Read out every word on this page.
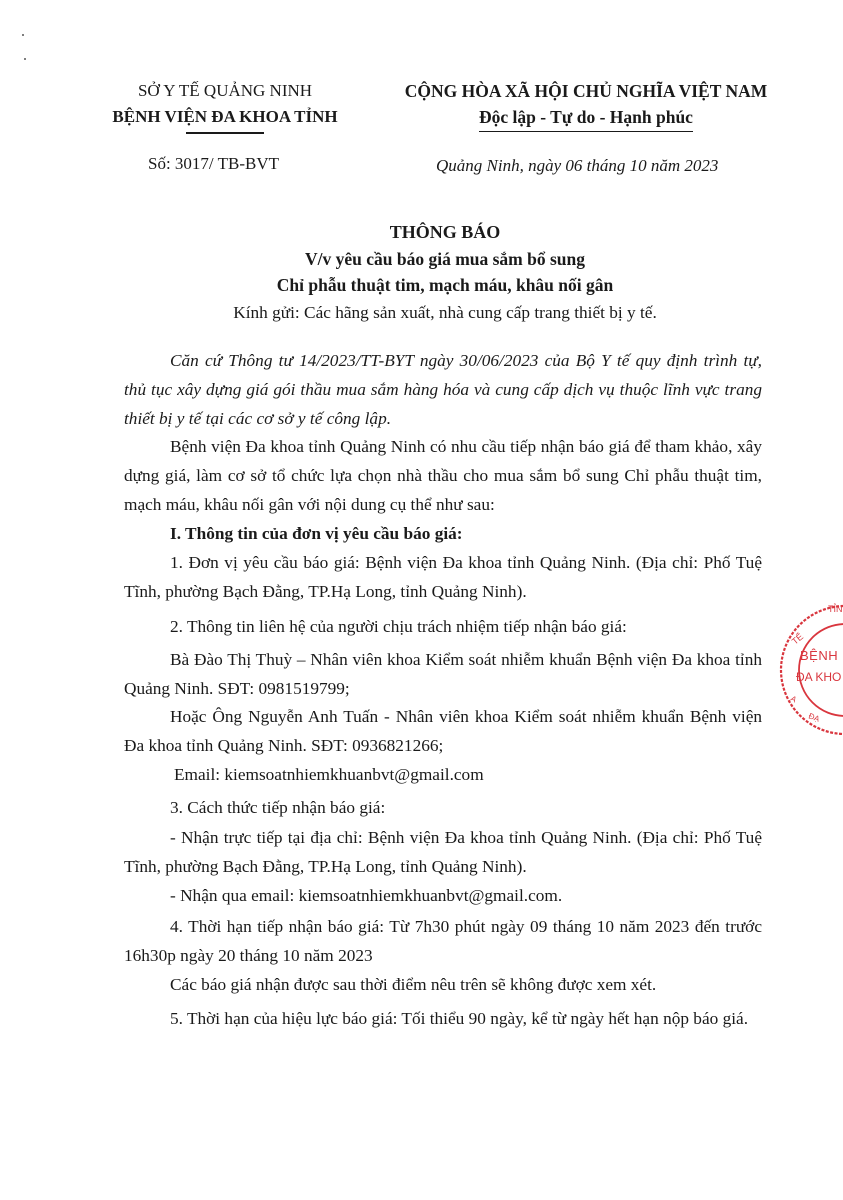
SỞ Y TẾ QUẢNG NINH
BỆNH VIỆN ĐA KHOA TỈNH
CỘNG HÒA XÃ HỘI CHỦ NGHĨA VIỆT NAM
Độc lập - Tự do - Hạnh phúc
Số: 3017/ TB-BVT	Quảng Ninh, ngày 06 tháng 10 năm 2023
THÔNG BÁO
V/v yêu cầu báo giá mua sắm bổ sung
Chỉ phẫu thuật tim, mạch máu, khâu nối gân
Kính gửi: Các hãng sản xuất, nhà cung cấp trang thiết bị y tế.
Căn cứ Thông tư 14/2023/TT-BYT ngày 30/06/2023 của Bộ Y tế quy định trình tự, thủ tục xây dựng giá gói thầu mua sắm hàng hóa và cung cấp dịch vụ thuộc lĩnh vực trang thiết bị y tế tại các cơ sở y tế công lập.
Bệnh viện Đa khoa tỉnh Quảng Ninh có nhu cầu tiếp nhận báo giá để tham khảo, xây dựng giá, làm cơ sở tổ chức lựa chọn nhà thầu cho mua sắm bổ sung Chỉ phẫu thuật tim, mạch máu, khâu nối gân với nội dung cụ thể như sau:
I. Thông tin của đơn vị yêu cầu báo giá:
1. Đơn vị yêu cầu báo giá: Bệnh viện Đa khoa tỉnh Quảng Ninh. (Địa chỉ: Phố Tuệ Tĩnh, phường Bạch Đằng, TP.Hạ Long, tỉnh Quảng Ninh).
2. Thông tin liên hệ của người chịu trách nhiệm tiếp nhận báo giá:
Bà Đào Thị Thuỳ – Nhân viên khoa Kiểm soát nhiễm khuẩn Bệnh viện Đa khoa tỉnh Quảng Ninh. SĐT: 0981519799;
Hoặc Ông Nguyễn Anh Tuấn - Nhân viên khoa Kiểm soát nhiễm khuẩn Bệnh viện Đa khoa tỉnh Quảng Ninh. SĐT: 0936821266;
Email: kiemsoatnhiemkhuanbvt@gmail.com
3. Cách thức tiếp nhận báo giá:
- Nhận trực tiếp tại địa chỉ: Bệnh viện Đa khoa tỉnh Quảng Ninh. (Địa chỉ: Phố Tuệ Tĩnh, phường Bạch Đằng, TP.Hạ Long, tỉnh Quảng Ninh).
- Nhận qua email: kiemsoatnhiemkhuanbvt@gmail.com.
4. Thời hạn tiếp nhận báo giá: Từ 7h30 phút ngày 09 tháng 10 năm 2023 đến trước 16h30p ngày 20 tháng 10 năm 2023
Các báo giá nhận được sau thời điểm nêu trên sẽ không được xem xét.
5. Thời hạn của hiệu lực báo giá: Tối thiểu 90 ngày, kể từ ngày hết hạn nộp báo giá.
TẾ
A
ĐẠ
TỈN
BỆNH
ĐA KHO
